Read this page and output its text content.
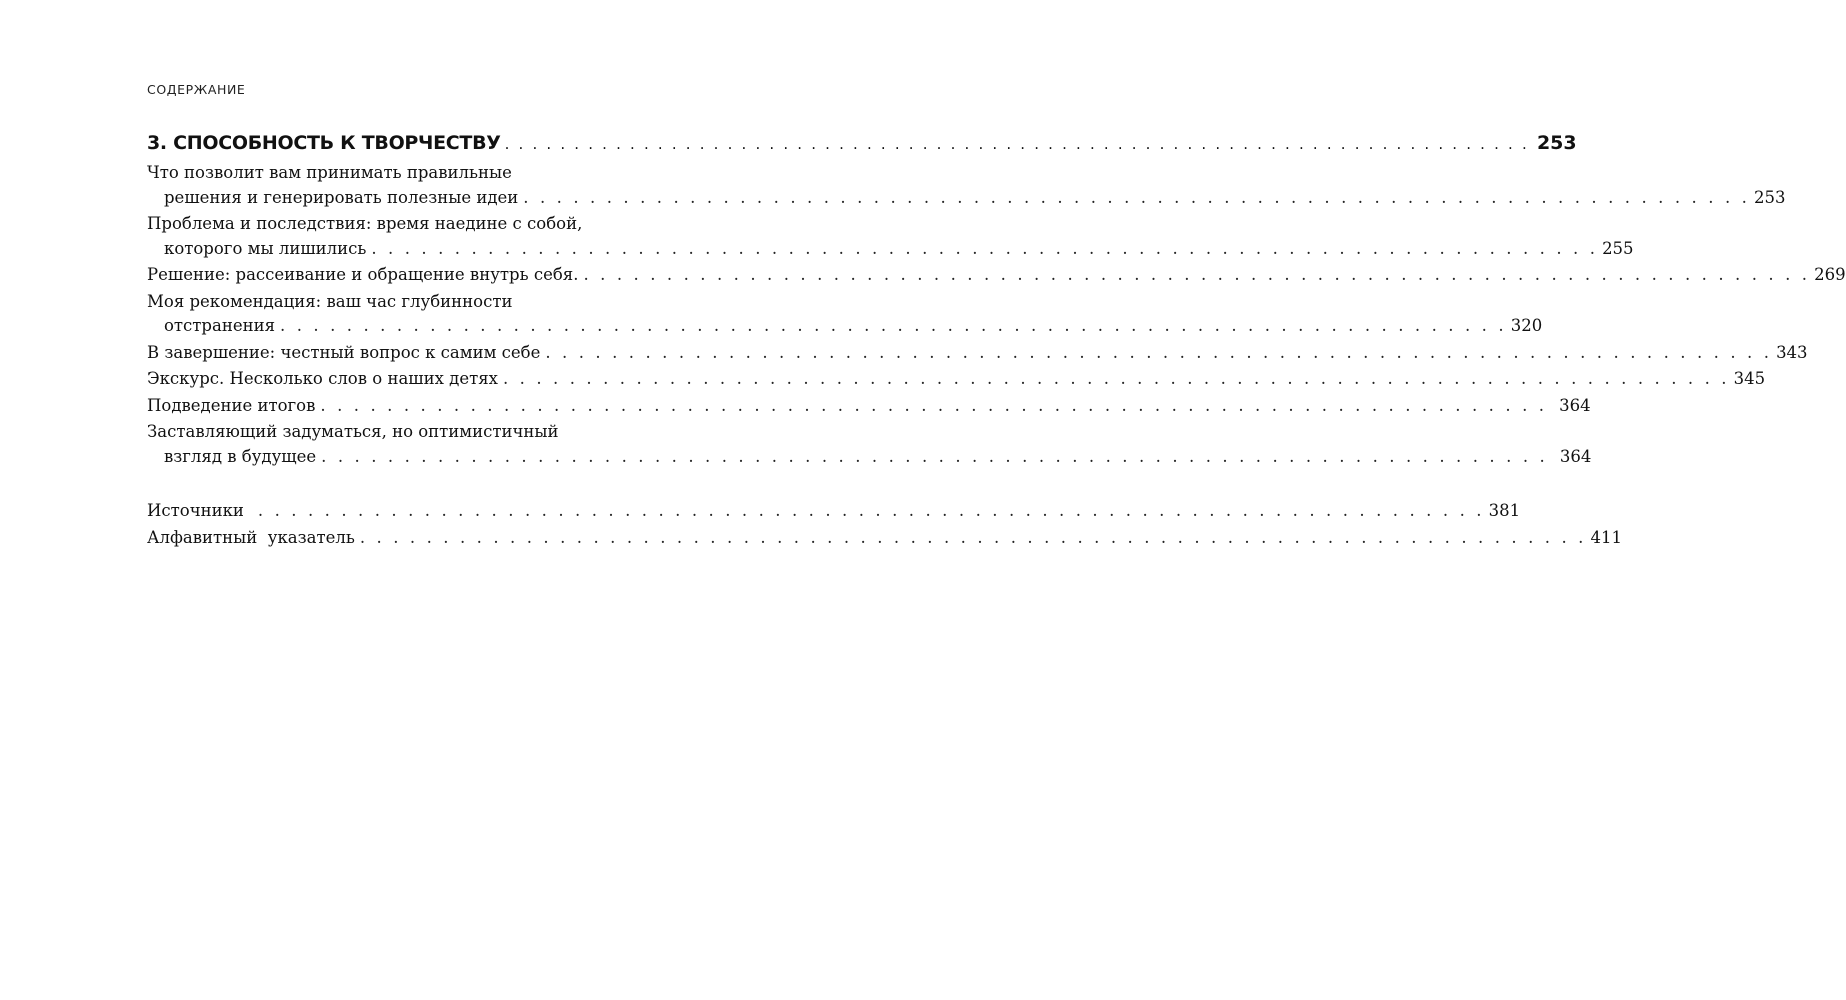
СОДЕРЖАНИЕ
3. СПОСОБНОСТЬ К ТВОРЧЕСТВУ . . . . . . . . . . . . . . . . . . . . . . . . . . . . . . . . . . . . . . . . . . . . . . . . . . . . . . . . . . . . . . . . . . . . . . . . . . 253
Что позволит вам принимать правильные
решения и генерировать полезные идеи . . . . . . . . . . . . . . . . . . . . . . . . . . . . . . . . . . . . . . . . . . . . . . . . . . . . . . . . . . . . . . . . . . . . . . . . . . 253
Проблема и последствия: время наедине с собой,
которого мы лишились . . . . . . . . . . . . . . . . . . . . . . . . . . . . . . . . . . . . . . . . . . . . . . . . . . . . . . . . . . . . . . . . . . . . . . . . . . 255
Решение: рассеивание и обращение внутрь себя. . . . . . . . . . . . . . . . . . . . . . . . . . . . . . . . . . . . . . . . . . . . . . . . . . . . . . . . . . . . . . . . . . . . . . . . . . . 269
Моя рекомендация: ваш час глубинности
отстранения . . . . . . . . . . . . . . . . . . . . . . . . . . . . . . . . . . . . . . . . . . . . . . . . . . . . . . . . . . . . . . . . . . . . . . . . . . 320
В завершение: честный вопрос к самим себе . . . . . . . . . . . . . . . . . . . . . . . . . . . . . . . . . . . . . . . . . . . . . . . . . . . . . . . . . . . . . . . . . . . . . . . . . . 343
Экскурс. Несколько слов о наших детях . . . . . . . . . . . . . . . . . . . . . . . . . . . . . . . . . . . . . . . . . . . . . . . . . . . . . . . . . . . . . . . . . . . . . . . . . . 345
Подведение итогов . . . . . . . . . . . . . . . . . . . . . . . . . . . . . . . . . . . . . . . . . . . . . . . . . . . . . . . . . . . . . . . . . . . . . . . . . . 364
Заставляющий задуматься, но оптимистичный
взгляд в будущее . . . . . . . . . . . . . . . . . . . . . . . . . . . . . . . . . . . . . . . . . . . . . . . . . . . . . . . . . . . . . . . . . . . . . . . . . . 364
Источники . . . . . . . . . . . . . . . . . . . . . . . . . . . . . . . . . . . . . . . . . . . . . . . . . . . . . . . . . . . . . . . . . . . . . . . . . . 381
Алфавитный  указатель . . . . . . . . . . . . . . . . . . . . . . . . . . . . . . . . . . . . . . . . . . . . . . . . . . . . . . . . . . . . . . . . . . . . . . . . . . 411
